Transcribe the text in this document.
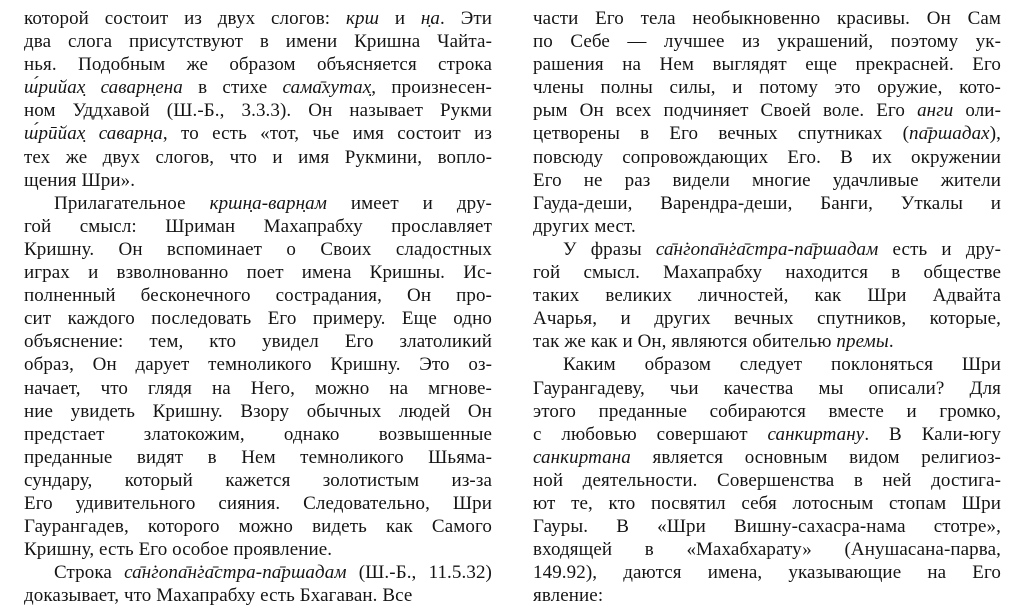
которой состоит из двух слогов: крш и н̣а. Эти
два слога присутствуют в имени Кришна Чайта-
нья. Подобным же образом объясняется строка
ш́рийах̣ саварн̣ена в стихе сама̄хутах̣, произнесен-
ном Уддхавой (Ш.-Б., 3.3.3). Он называет Рукми
ш́рӣйах̣ саварн̣а, то есть «тот, чье имя состоит из
тех же двух слогов, что и имя Рукмини, вопло-
щения Шри».
Прилагательное кршн̣а-варн̣ам имеет и дру-
гой смысл: Шриман Махапрабху прославляет
Кришну. Он вспоминает о Своих сладостных
играх и взволнованно поет имена Кришны. Ис-
полненный бесконечного сострадания, Он про-
сит каждого последовать Его примеру. Еще одно
объяснение: тем, кто увидел Его златоликий
образ, Он дарует темноликого Кришну. Это оз-
начает, что глядя на Него, можно на мгнове-
ние увидеть Кришну. Взору обычных людей Он
предстает златокожим, однако возвышенные
преданные видят в Нем темноликого Шьяма-
сундару, который кажется золотистым из-за
Его удивительного сияния. Следовательно, Шри
Гаурангадев, которого можно видеть как Самого
Кришну, есть Его особое проявление.
Строка са̄н̇гопа̄н̇га̄стра-па̄ршадам (Ш.-Б., 11.5.32)
доказывает, что Махапрабху есть Бхагаван. Все
части Его тела необыкновенно красивы. Он Сам
по Себе — лучшее из украшений, поэтому ук-
рашения на Нем выглядят еще прекрасней. Его
члены полны силы, и потому это оружие, кото-
рым Он всех подчиняет Своей воле. Его анги оли-
цетворены в Его вечных спутниках (па̄ршадах),
повсюду сопровождающих Его. В их окружении
Его не раз видели многие удачливые жители
Гауда-деши, Варендра-деши, Банги, Уткалы и
других мест.
У фразы са̄н̇гопа̄н̇га̄стра-па̄ршадам есть и дру-
гой смысл. Махапрабху находится в обществе
таких великих личностей, как Шри Адвайта
Ачарья, и других вечных спутников, которые,
так же как и Он, являются обителью премы.
Каким образом следует поклоняться Шри
Гаурангадеву, чьи качества мы описали? Для
этого преданные собираются вместе и громко,
с любовью совершают санкиртану. В Кали-югу
санкиртана является основным видом религиоз-
ной деятельности. Совершенства в ней достига-
ют те, кто посвятил себя лотосным стопам Шри
Гауры. В «Шри Вишну-сахасра-нама стотре»,
входящей в «Махабхарату» (Анушасана-парва,
149.92), даются имена, указывающие на Его
явление:
